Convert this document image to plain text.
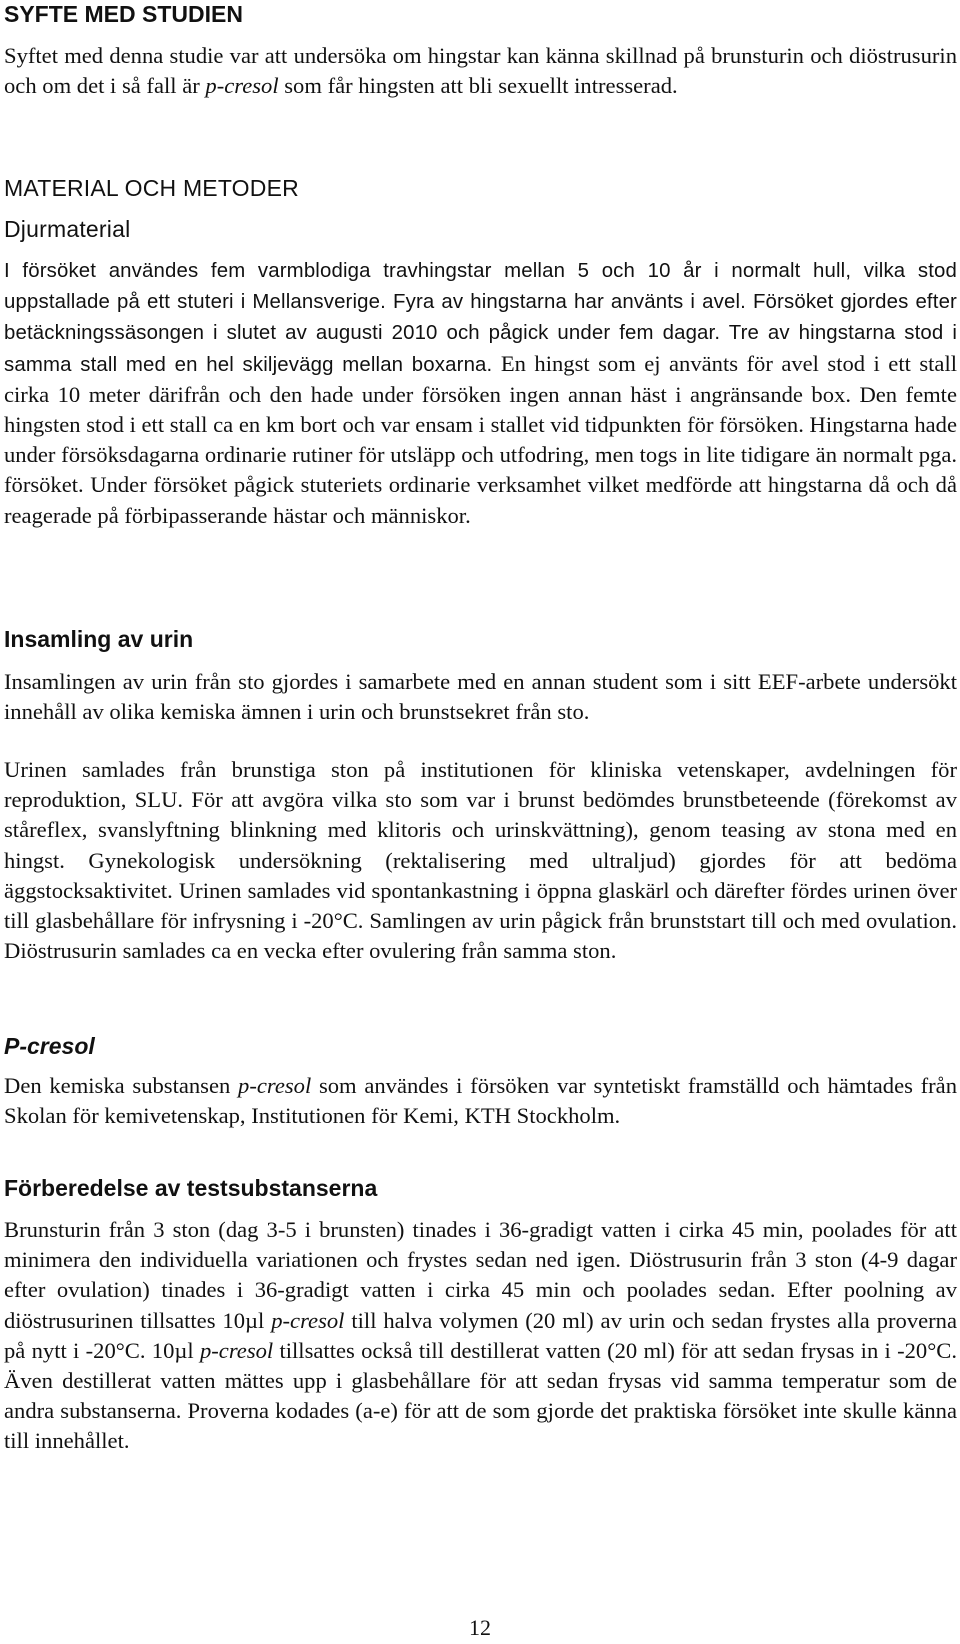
SYFTE MED STUDIEN

Syftet med denna studie var att undersöka om hingstar kan känna skillnad på brunsturin och diöstrusurin och om det i så fall är p-cresol som får hingsten att bli sexuellt intresserad.

MATERIAL OCH METODER
Djurmaterial

I försöket användes fem varmblodiga travhingstar mellan 5 och 10 år i normalt hull, vilka stod uppstallade på ett stuteri i Mellansverige. Fyra av hingstarna har använts i avel. Försöket gjordes efter betäckningssäsongen i slutet av augusti 2010 och pågick under fem dagar. Tre av hingstarna stod i samma stall med en hel skiljevägg mellan boxarna. En hingst som ej använts för avel stod i ett stall cirka 10 meter därifrån och den hade under försöken ingen annan häst i angränsande box. Den femte hingsten stod i ett stall ca en km bort och var ensam i stallet vid tidpunkten för försöken. Hingstarna hade under försöksdagarna ordinarie rutiner för utsläpp och utfodring, men togs in lite tidigare än normalt pga. försöket. Under försöket pågick stuteriets ordinarie verksamhet vilket medförde att hingstarna då och då reagerade på förbipasserande hästar och människor.

Insamling av urin

Insamlingen av urin från sto gjordes i samarbete med en annan student som i sitt EEF-arbete undersökt innehåll av olika kemiska ämnen i urin och brunstsekret från sto.

Urinen samlades från brunstiga ston på institutionen för kliniska vetenskaper, avdelningen för reproduktion, SLU. För att avgöra vilka sto som var i brunst bedömdes brunstbeteende (förekomst av ståreflex, svanslyftning blinkning med klitoris och urinskvättning), genom teasing av stona med en hingst. Gynekologisk undersökning (rektalisering med ultraljud) gjordes för att bedöma äggstocksaktivitet. Urinen samlades vid spontankastning i öppna glaskärl och därefter fördes urinen över till glasbehållare för infrysning i -20°C. Samlingen av urin pågick från brunststart till och med ovulation. Diöstrusurin samlades ca en vecka efter ovulering från samma ston.

P-cresol

Den kemiska substansen p-cresol som användes i försöken var syntetiskt framställd och hämtades från Skolan för kemivetenskap, Institutionen för Kemi, KTH Stockholm.

Förberedelse av testsubstanserna

Brunsturin från 3 ston (dag 3-5 i brunsten) tinades i 36-gradigt vatten i cirka 45 min, poolades för att minimera den individuella variationen och frystes sedan ned igen. Diöstrusurin från 3 ston (4-9 dagar efter ovulation) tinades i 36-gradigt vatten i cirka 45 min och poolades sedan. Efter poolning av diöstrusurinen tillsattes 10µl p-cresol till halva volymen (20 ml) av urin och sedan frystes alla proverna på nytt i -20°C. 10µl p-cresol tillsattes också till destillerat vatten (20 ml) för att sedan frysas in i -20°C. Även destillerat vatten mättes upp i glasbehållare för att sedan frysas vid samma temperatur som de andra substanserna. Proverna kodades (a-e) för att de som gjorde det praktiska försöket inte skulle känna till innehållet.

12
